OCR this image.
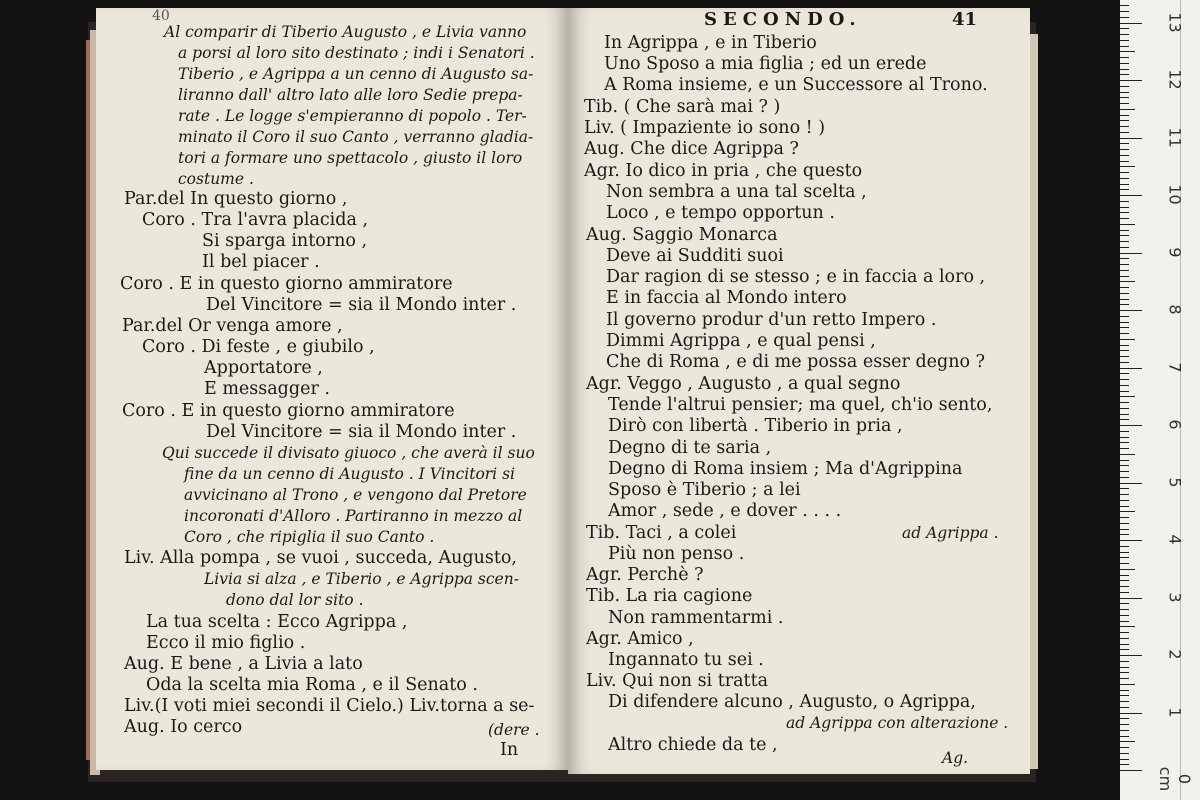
40
Al comparir di Tiberio Augusto , e Livia vanno
a porsi al loro sito destinato ; indi i Senatori .
Tiberio , e Agrippa a un cenno di Augusto sa-
liranno dall' altro lato alle loro Sedie prepa-
rate . Le logge s'empieranno di popolo . Ter-
minato il Coro il suo Canto , verranno gladia-
tori a formare uno spettacolo , giusto il loro
costume .
Par.del In questo giorno ,
Coro . Tra l'avra placida ,
Si sparga intorno ,
Il bel piacer .
Coro . E in questo giorno ammiratore
Del Vincitore = sia il Mondo inter .
Par.del Or venga amore ,
Coro . Di feste , e giubilo ,
Apportatore ,
E messagger .
Coro . E in questo giorno ammiratore
Del Vincitore = sia il Mondo inter .
Qui succede il divisato giuoco , che averà il suo
fine da un cenno di Augusto . I Vincitori si
avvicinano al Trono , e vengono dal Pretore
incoronati d'Alloro . Partiranno in mezzo al
Coro , che ripiglia il suo Canto .
Liv. Alla pompa , se vuoi , succeda, Augusto,
Livia si alza , e Tiberio , e Agrippa scen-
dono dal lor sito .
La tua scelta : Ecco Agrippa ,
Ecco il mio figlio .
Aug. E bene , a Livia a lato
Oda la scelta mia Roma , e il Senato .
Liv.(I voti miei secondi il Cielo.) Liv.torna a se-
Aug. Io cerco	(dere .
In
SECONDO.	41
In Agrippa , e in Tiberio
Uno Sposo a mia figlia ; ed un erede
A Roma insieme, e un Successore al Trono.
Tib. ( Che sarà mai ? )
Liv. ( Impaziente io sono ! )
Aug. Che dice Agrippa ?
Agr. Io dico in pria , che questo
Non sembra a una tal scelta ,
Loco , e tempo opportun .
Aug. Saggio Monarca
Deve ai Sudditi suoi
Dar ragion di se stesso ; e in faccia a loro ,
E in faccia al Mondo intero
Il governo produr d'un retto Impero .
Dimmi Agrippa , e qual pensi ,
Che di Roma , e di me possa esser degno ?
Agr. Veggo , Augusto , a qual segno
Tende l'altrui pensier; ma quel, ch'io sento,
Dirò con libertà . Tiberio in pria ,
Degno di te saria ,
Degno di Roma insiem ; Ma d'Agrippina
Sposo è Tiberio ; a lei
Amor , sede , e dover . . . .
Tib. Taci , a colei	ad Agrippa .
Più non penso .
Agr. Perchè ?
Tib. La ria cagione
Non rammentarmi .
Agr. Amico ,
Ingannato tu sei .
Liv. Qui non si tratta
Di difendere alcuno , Augusto, o Agrippa,
ad Agrippa con alterazione .
Altro chiede da te ,
Ag.
0 cm
1
2
3
4
5
6
7
8
9
10
11
12
13
